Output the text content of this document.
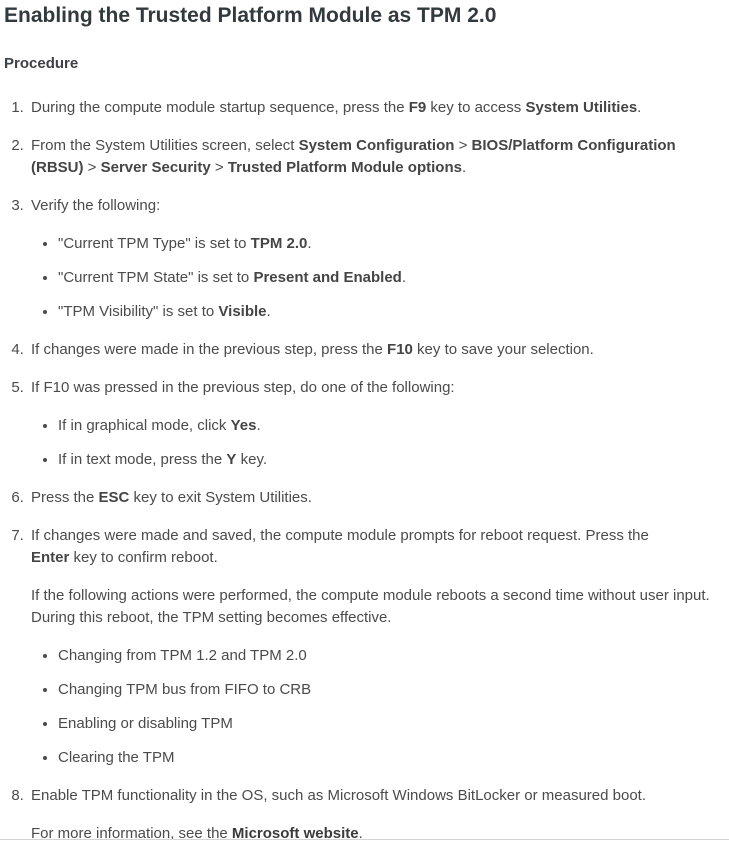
Enabling the Trusted Platform Module as TPM 2.0
Procedure
1. During the compute module startup sequence, press the F9 key to access System Utilities.
2. From the System Utilities screen, select System Configuration > BIOS/Platform Configuration (RBSU) > Server Security > Trusted Platform Module options.
3. Verify the following:
• "Current TPM Type" is set to TPM 2.0.
• "Current TPM State" is set to Present and Enabled.
• "TPM Visibility" is set to Visible.
4. If changes were made in the previous step, press the F10 key to save your selection.
5. If F10 was pressed in the previous step, do one of the following:
• If in graphical mode, click Yes.
• If in text mode, press the Y key.
6. Press the ESC key to exit System Utilities.
7. If changes were made and saved, the compute module prompts for reboot request. Press the Enter key to confirm reboot.
If the following actions were performed, the compute module reboots a second time without user input. During this reboot, the TPM setting becomes effective.
• Changing from TPM 1.2 and TPM 2.0
• Changing TPM bus from FIFO to CRB
• Enabling or disabling TPM
• Clearing the TPM
8. Enable TPM functionality in the OS, such as Microsoft Windows BitLocker or measured boot.
For more information, see the Microsoft website.
